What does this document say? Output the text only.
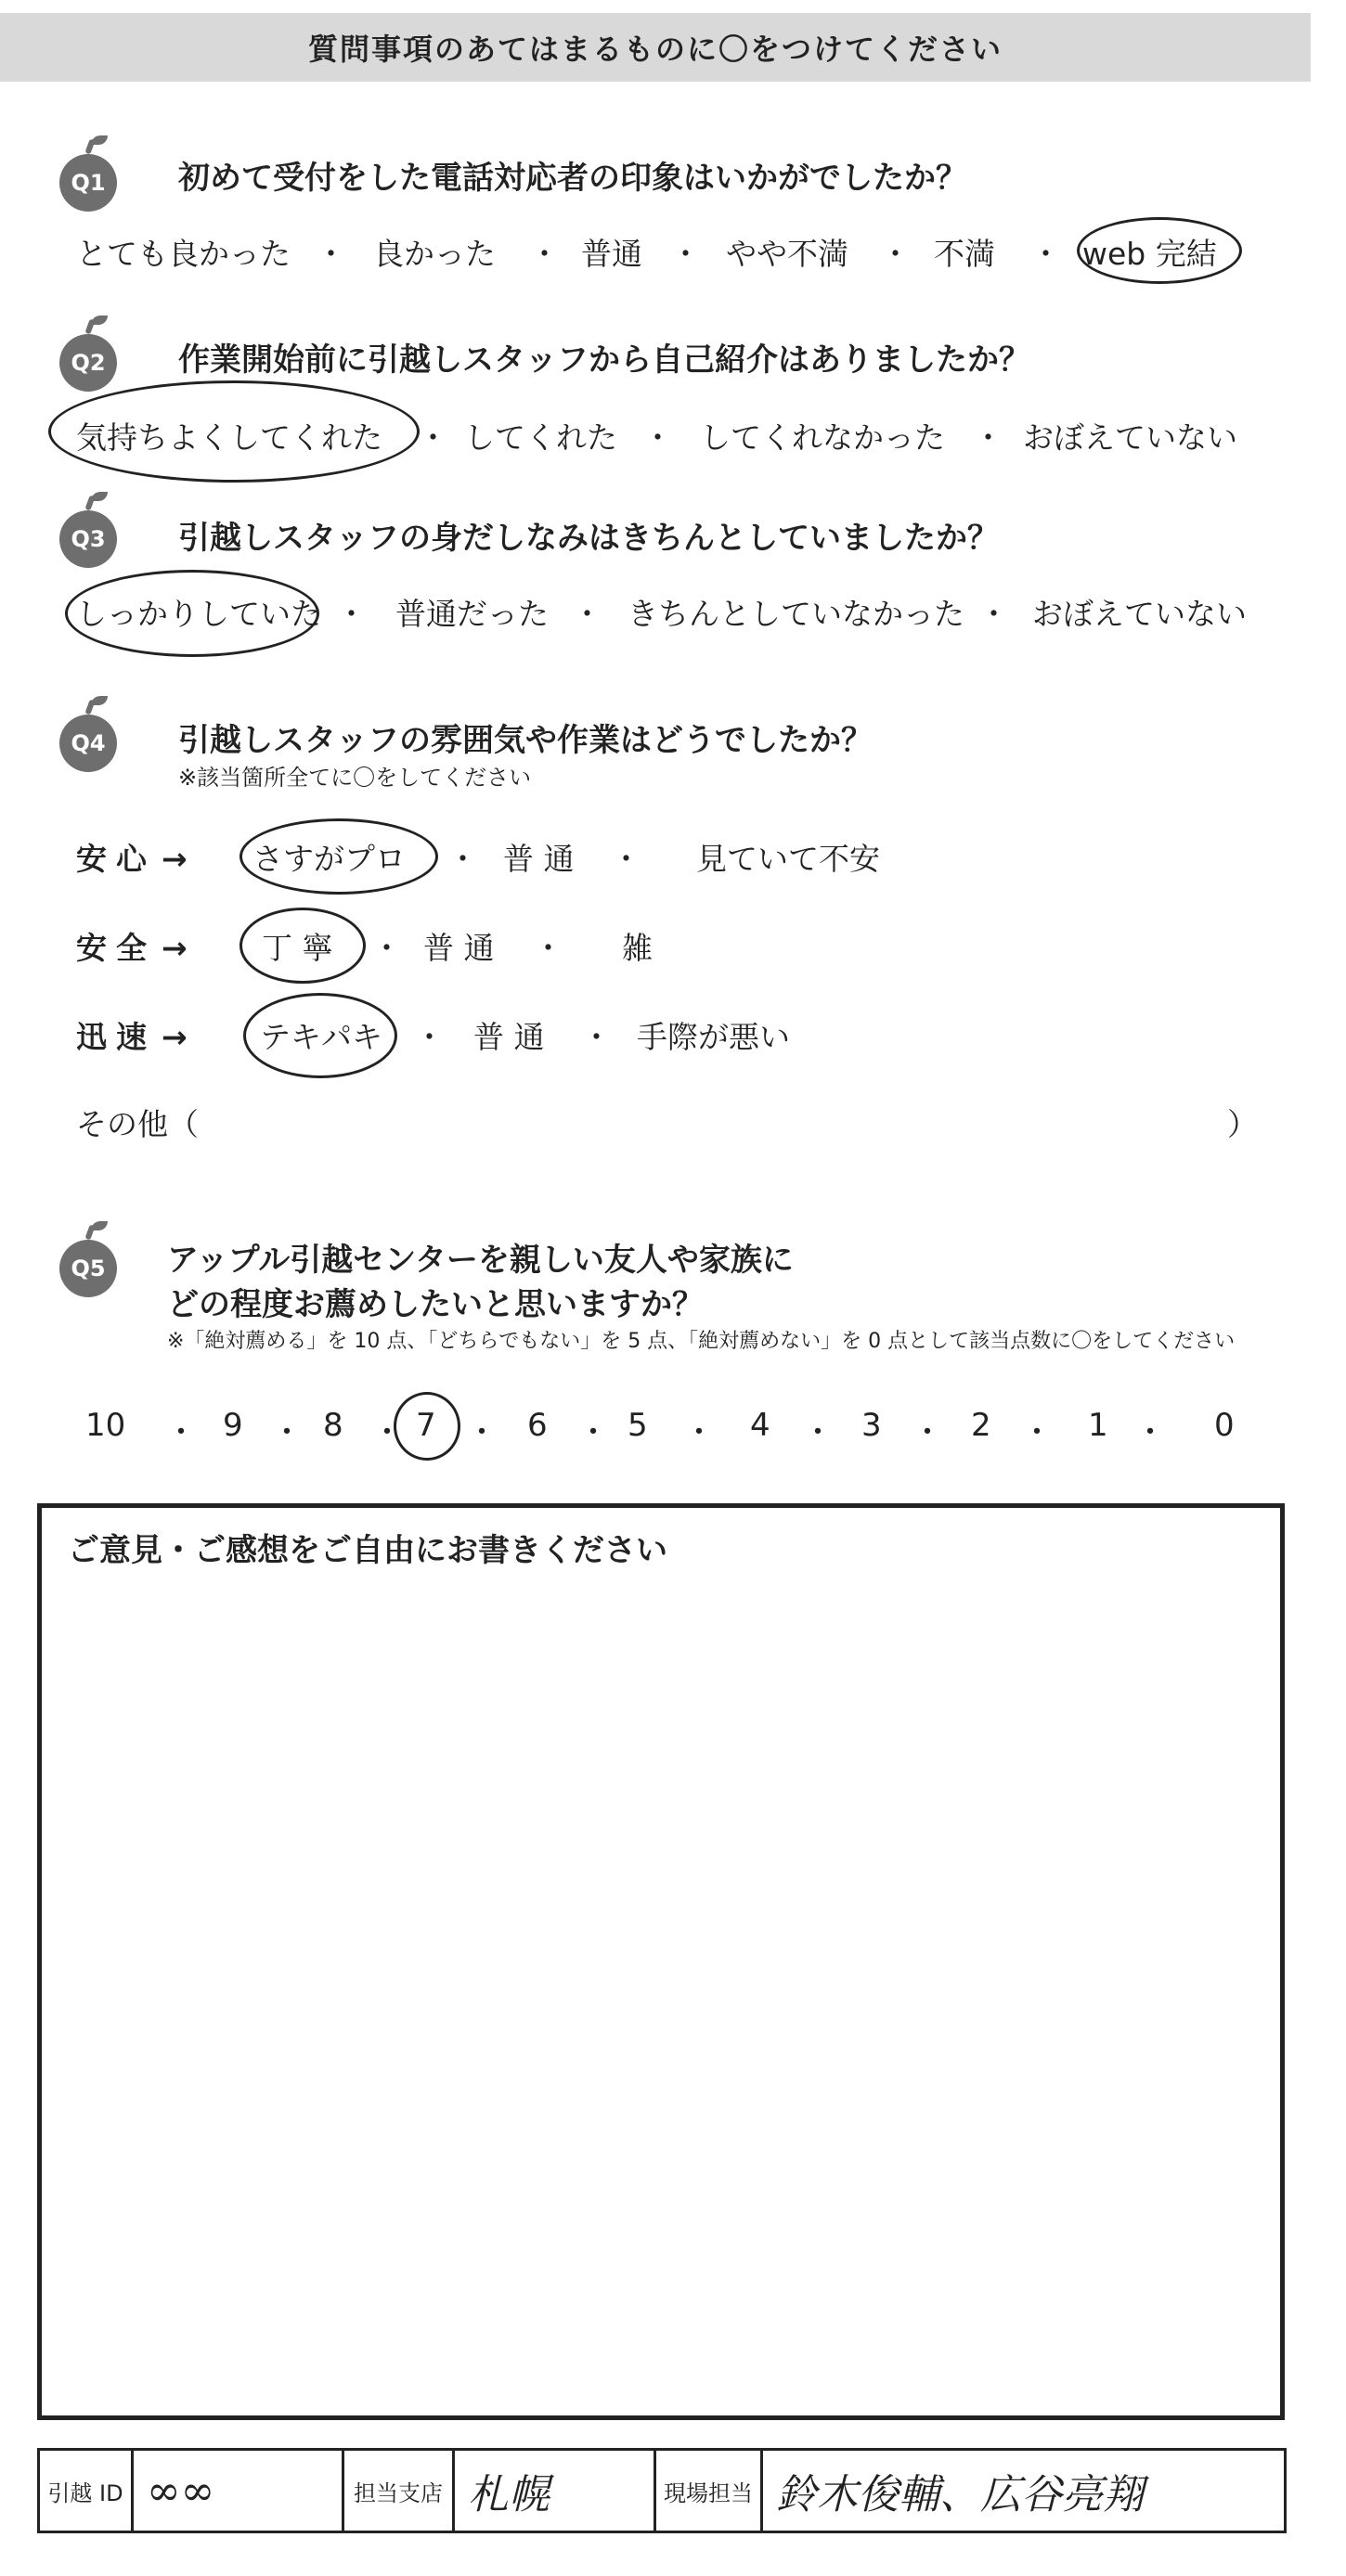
質問事項のあてはまるものに〇をつけてください
Q1 初めて受付をした電話対応者の印象はいかがでしたか？
とても良かった ・ 良かった ・ 普通 ・ やや不満 ・ 不満 ・ web 完結
Q2 作業開始前に引越しスタッフから自己紹介はありましたか？
気持ちよくしてくれた ・ してくれた ・ してくれなかった ・ おぼえていない
Q3 引越しスタッフの身だしなみはきちんとしていましたか？
しっかりしていた ・ 普通だった ・ きちんとしていなかった ・ おぼえていない
Q4 引越しスタッフの雰囲気や作業はどうでしたか？
※該当箇所全てに〇をしてください
安心 → さすがプロ ・ 普 通 ・ 見ていて不安
安全 → 丁 寧 ・ 普 通 ・ 雑
迅速 → テキパキ ・ 普 通 ・ 手際が悪い
その他（	）
Q5 アップル引越センターを親しい友人や家族に
どの程度お薦めしたいと思いますか？
※「絶対薦める」を 10 点、「どちらでもない」を 5 点、「絶対薦めない」を 0 点として該当点数に〇をしてください
10 ・ 9 ・ 8 ・ 7 ・ 6 ・ 5 ・ 4 ・ 3 ・ 2 ・ 1 ・ 0
ご意見・ご感想をご自由にお書きください
引越 ID ∞∞	担当支店 札幌	現場担当 鈴木俊輔、広谷亮翔
